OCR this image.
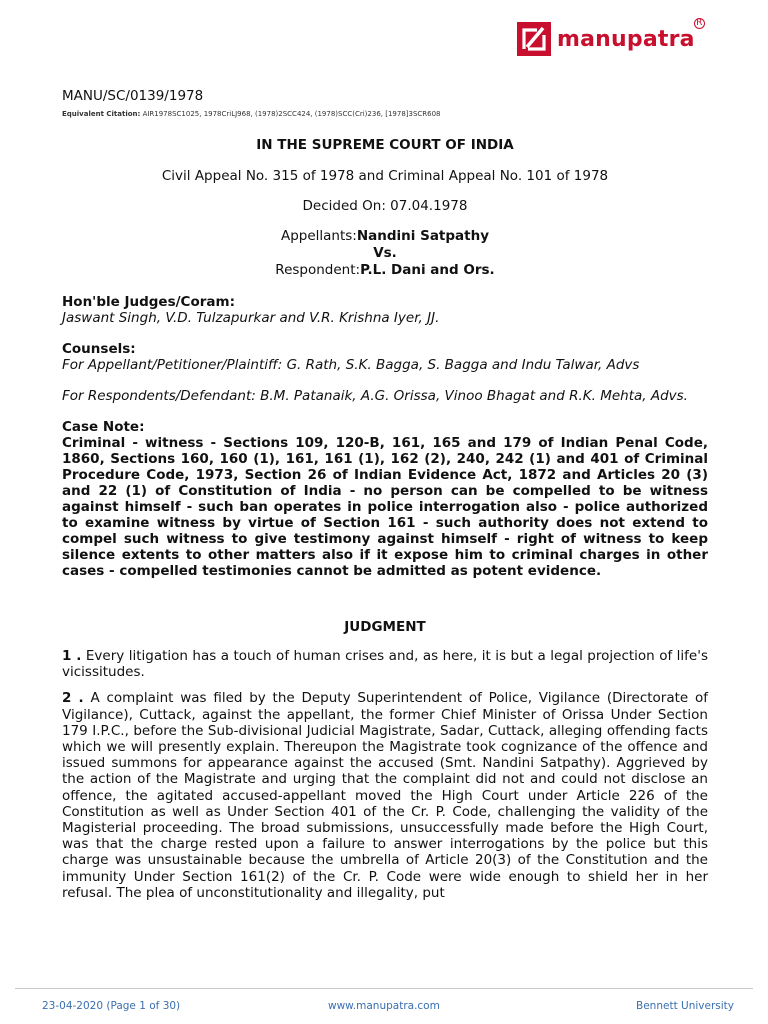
manupatra
R

MANU/SC/0139/1978

Equivalent Citation: AIR1978SC1025, 1978CriLJ968, (1978)2SCC424, (1978)SCC(Cri)236, [1978]3SCR608

IN THE SUPREME COURT OF INDIA

Civil Appeal No. 315 of 1978 and Criminal Appeal No. 101 of 1978

Decided On: 07.04.1978

Appellants:Nandini Satpathy
Vs.
Respondent:P.L. Dani and Ors.

Hon'ble Judges/Coram:

Jaswant Singh, V.D. Tulzapurkar and V.R. Krishna Iyer, JJ.

Counsels:

For Appellant/Petitioner/Plaintiff: G. Rath, S.K. Bagga, S. Bagga and Indu Talwar, Advs

For Respondents/Defendant: B.M. Patanaik, A.G. Orissa, Vinoo Bhagat and R.K. Mehta, Advs.

Case Note:

Criminal - witness - Sections 109, 120-B, 161, 165 and 179 of Indian Penal Code, 1860, Sections 160, 160 (1), 161, 161 (1), 162 (2), 240, 242 (1) and 401 of Criminal Procedure Code, 1973, Section 26 of Indian Evidence Act, 1872 and Articles 20 (3) and 22 (1) of Constitution of India - no person can be compelled to be witness against himself - such ban operates in police interrogation also - police authorized to examine witness by virtue of Section 161 - such authority does not extend to compel such witness to give testimony against himself - right of witness to keep silence extents to other matters also if it expose him to criminal charges in other cases - compelled testimonies cannot be admitted as potent evidence.

JUDGMENT

1 . Every litigation has a touch of human crises and, as here, it is but a legal projection of life's vicissitudes.

2 . A complaint was filed by the Deputy Superintendent of Police, Vigilance (Directorate of Vigilance), Cuttack, against the appellant, the former Chief Minister of Orissa Under Section 179 I.P.C., before the Sub-divisional Judicial Magistrate, Sadar, Cuttack, alleging offending facts which we will presently explain. Thereupon the Magistrate took cognizance of the offence and issued summons for appearance against the accused (Smt. Nandini Satpathy). Aggrieved by the action of the Magistrate and urging that the complaint did not and could not disclose an offence, the agitated accused-appellant moved the High Court under Article 226 of the Constitution as well as Under Section 401 of the Cr. P. Code, challenging the validity of the Magisterial proceeding. The broad submissions, unsuccessfully made before the High Court, was that the charge rested upon a failure to answer interrogations by the police but this charge was unsustainable because the umbrella of Article 20(3) of the Constitution and the immunity Under Section 161(2) of the Cr. P. Code were wide enough to shield her in her refusal. The plea of unconstitutionality and illegality, put

23-04-2020 (Page 1 of 30)	www.manupatra.com	Bennett University
